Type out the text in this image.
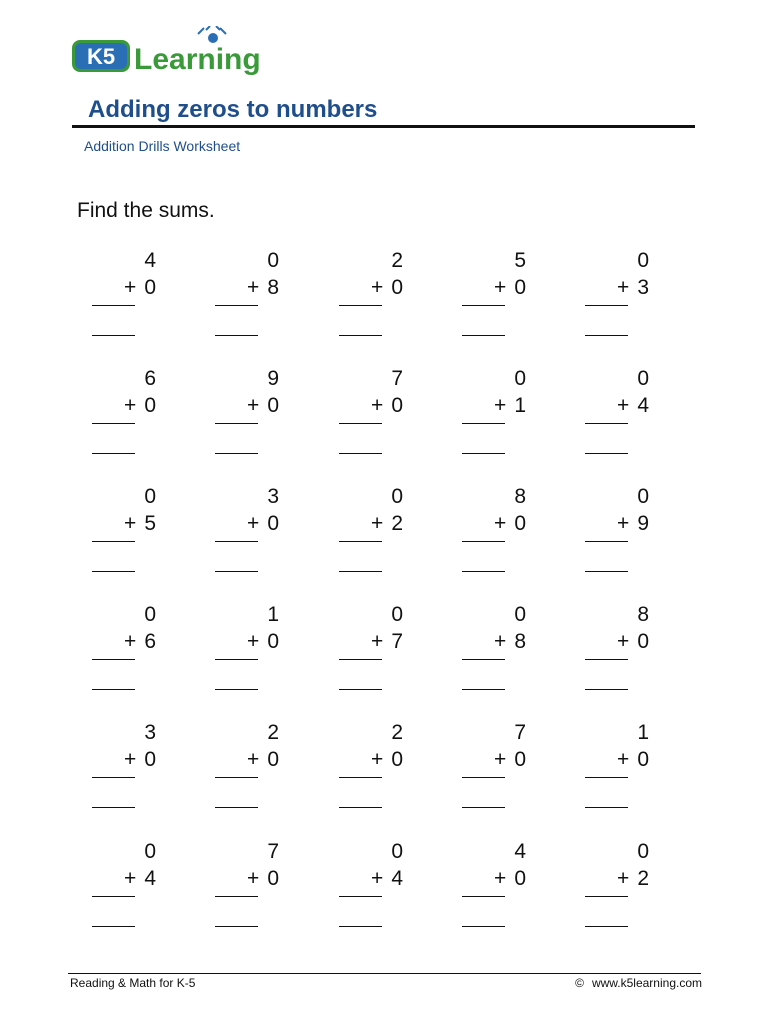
K5 Learning
Adding zeros to numbers
Addition Drills Worksheet
Find the sums.
4
+ 0
0
+ 8
2
+ 0
5
+ 0
0
+ 3
6
+ 0
9
+ 0
7
+ 0
0
+ 1
0
+ 4
0
+ 5
3
+ 0
0
+ 2
8
+ 0
0
+ 9
0
+ 6
1
+ 0
0
+ 7
0
+ 8
8
+ 0
3
+ 0
2
+ 0
2
+ 0
7
+ 0
1
+ 0
0
+ 4
7
+ 0
0
+ 4
4
+ 0
0
+ 2
Reading & Math for K-5	© www.k5learning.com
